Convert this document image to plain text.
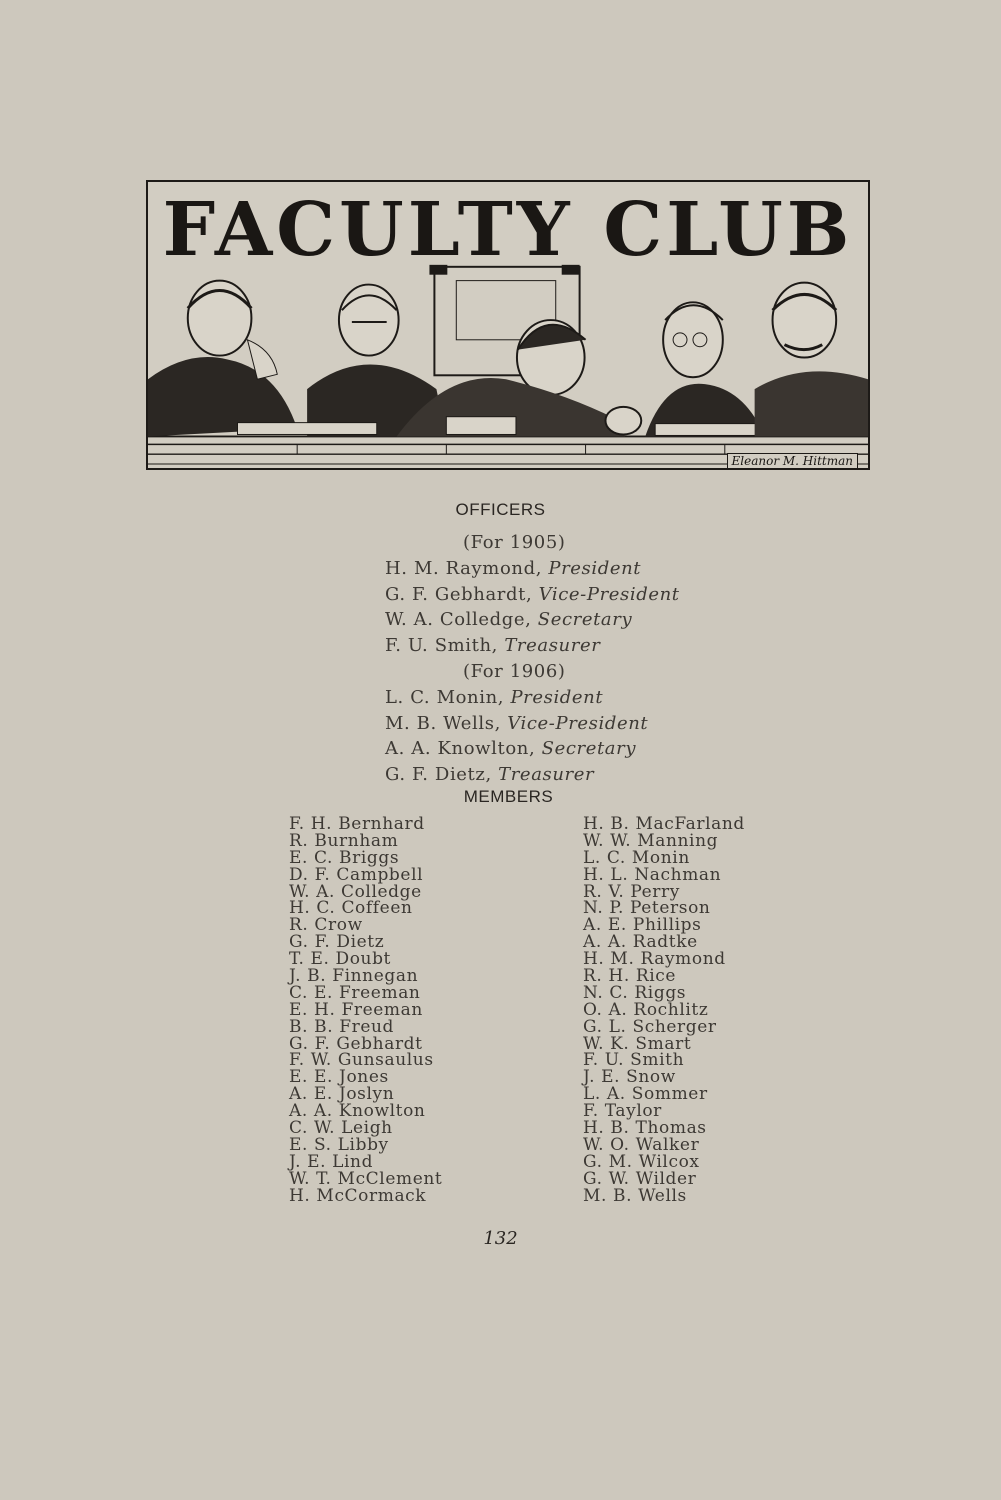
FACULTY CLUB
Eleanor M. Hittman
OFFICERS
(For 1905)
H. M. Raymond, President
G. F. Gebhardt, Vice-President
W. A. Colledge, Secretary
F. U. Smith, Treasurer
(For 1906)
L. C. Monin, President
M. B. Wells, Vice-President
A. A. Knowlton, Secretary
G. F. Dietz, Treasurer
MEMBERS
F. H. Bernhard
R. Burnham
E. C. Briggs
D. F. Campbell
W. A. Colledge
H. C. Coffeen
R. Crow
G. F. Dietz
T. E. Doubt
J. B. Finnegan
C. E. Freeman
E. H. Freeman
B. B. Freud
G. F. Gebhardt
F. W. Gunsaulus
E. E. Jones
A. E. Joslyn
A. A. Knowlton
C. W. Leigh
E. S. Libby
J. E. Lind
W. T. McClement
H. McCormack
H. B. MacFarland
W. W. Manning
L. C. Monin
H. L. Nachman
R. V. Perry
N. P. Peterson
A. E. Phillips
A. A. Radtke
H. M. Raymond
R. H. Rice
N. C. Riggs
O. A. Rochlitz
G. L. Scherger
W. K. Smart
F. U. Smith
J. E. Snow
L. A. Sommer
F. Taylor
H. B. Thomas
W. O. Walker
G. M. Wilcox
G. W. Wilder
M. B. Wells
132
